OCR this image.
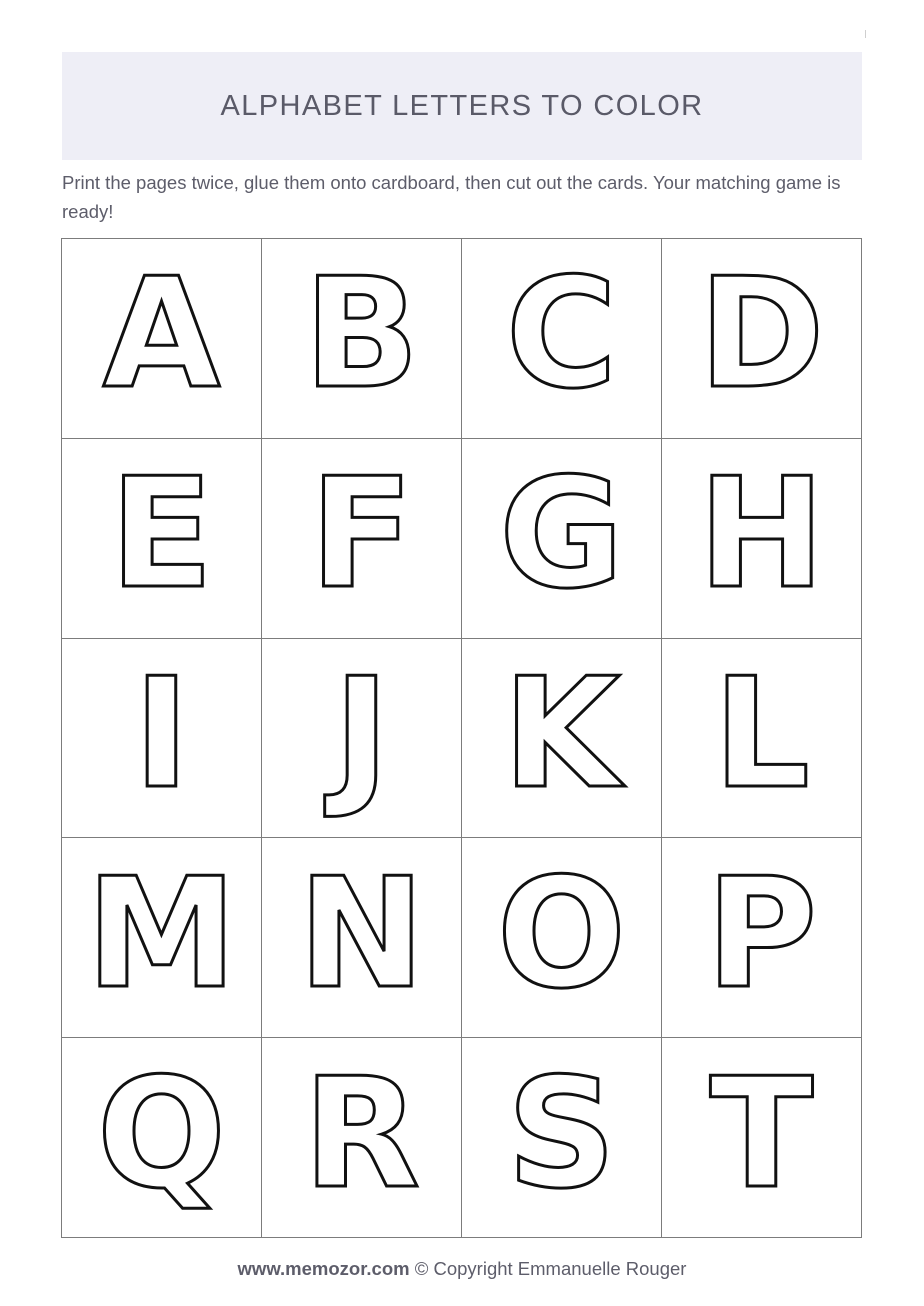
ALPHABET LETTERS TO COLOR
Print the pages twice, glue them onto cardboard, then cut out the cards. Your matching game is ready!
A B C D
E F G H
I J K L
M N O P
Q R S T
www.memozor.com © Copyright Emmanuelle Rouger
